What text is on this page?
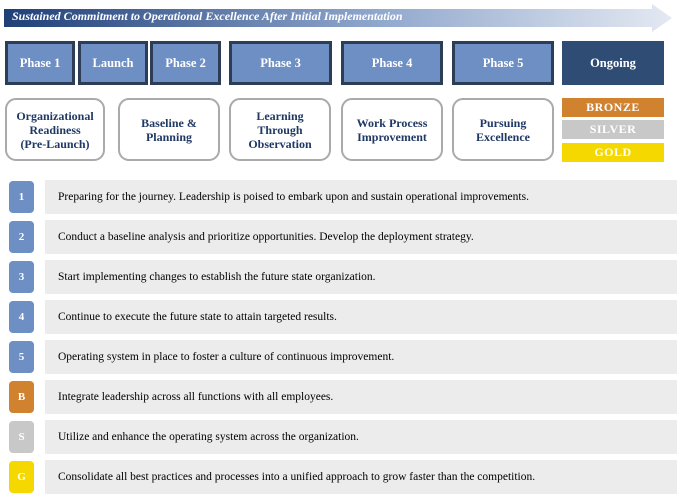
Sustained Commitment to Operational Excellence After Initial Implementation
Phase 1	Launch	Phase 2	Phase 3	Phase 4	Phase 5	Ongoing
Organizational
Readiness
(Pre-Launch)
Baseline &
Planning
Learning
Through
Observation
Work Process
Improvement
Pursuing
Excellence
BRONZE
SILVER
GOLD
1	Preparing for the journey. Leadership is poised to embark upon and sustain operational improvements.
2	Conduct a baseline analysis and prioritize opportunities. Develop the deployment strategy.
3	Start implementing changes to establish the future state organization.
4	Continue to execute the future state to attain targeted results.
5	Operating system in place to foster a culture of continuous improvement.
B	Integrate leadership across all functions with all employees.
S	Utilize and enhance the operating system across the organization.
G	Consolidate all best practices and processes into a unified approach to grow faster than the competition.
